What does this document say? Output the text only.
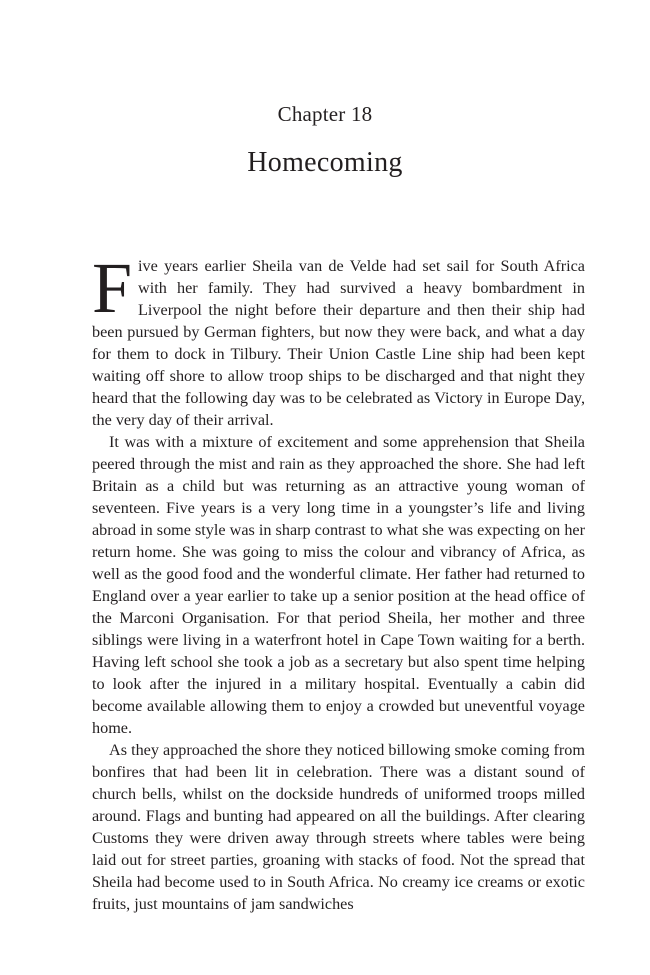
Chapter 18
Homecoming

Five years earlier Sheila van de Velde had set sail for South Africa with her family. They had survived a heavy bombardment in Liverpool the night before their departure and then their ship had been pursued by German fighters, but now they were back, and what a day for them to dock in Tilbury. Their Union Castle Line ship had been kept waiting off shore to allow troop ships to be discharged and that night they heard that the following day was to be celebrated as Victory in Europe Day, the very day of their arrival.

It was with a mixture of excitement and some apprehension that Sheila peered through the mist and rain as they approached the shore. She had left Britain as a child but was returning as an attractive young woman of seventeen. Five years is a very long time in a youngster’s life and living abroad in some style was in sharp contrast to what she was expecting on her return home. She was going to miss the colour and vibrancy of Africa, as well as the good food and the wonderful climate. Her father had returned to England over a year earlier to take up a senior position at the head office of the Marconi Organisation. For that period Sheila, her mother and three siblings were living in a waterfront hotel in Cape Town waiting for a berth. Having left school she took a job as a secretary but also spent time helping to look after the injured in a military hospital. Eventually a cabin did become available allowing them to enjoy a crowded but uneventful voyage home.

As they approached the shore they noticed billowing smoke coming from bonfires that had been lit in celebration. There was a distant sound of church bells, whilst on the dockside hundreds of uniformed troops milled around. Flags and bunting had appeared on all the buildings. After clearing Customs they were driven away through streets where tables were being laid out for street parties, groaning with stacks of food. Not the spread that Sheila had become used to in South Africa. No creamy ice creams or exotic fruits, just mountains of jam sandwiches
